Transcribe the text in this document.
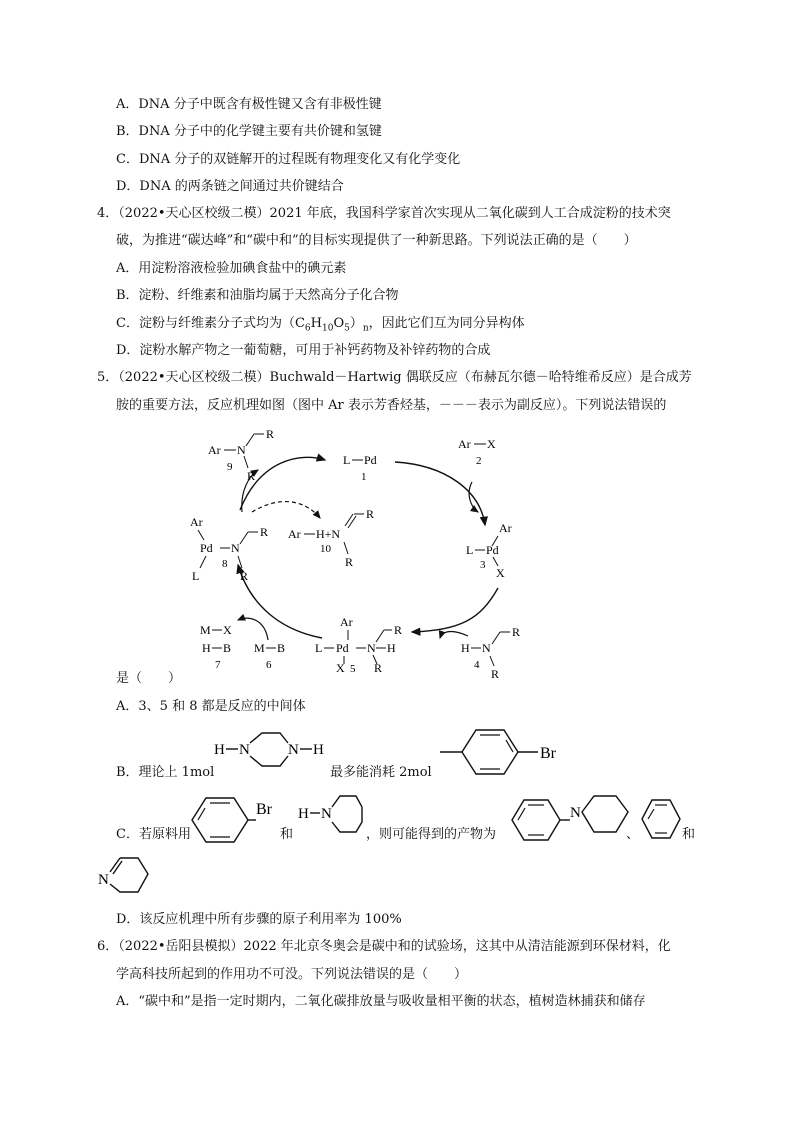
A．DNA 分子中既含有极性键又含有非极性键
B．DNA 分子中的化学键主要有共价键和氢键
C．DNA 分子的双链解开的过程既有物理变化又有化学变化
D．DNA 的两条链之间通过共价键结合
4．（2022•天心区校级二模）2021 年底，我国科学家首次实现从二氧化碳到人工合成淀粉的技术突
破，为推进“碳达峰”和“碳中和”的目标实现提供了一种新思路。下列说法正确的是（　　）
A．用淀粉溶液检验加碘食盐中的碘元素
B．淀粉、纤维素和油脂均属于天然高分子化合物
C．淀粉与纤维素分子式均为$(C_6H_{10}O_5)_n$，因此它们互为同分异构体
D．淀粉水解产物之一葡萄糖，可用于补钙药物及补锌药物的合成
5．（2022•天心区校级二模）Buchwald－Hartwig 偶联反应（布赫瓦尔德－哈特维希反应）是合成芳
胺的重要方法，反应机理如图（图中 Ar 表示芳香烃基，－－－表示为副反应）。下列说法错误的
Ar N
R
9
R
L Pd
1
Ar X
2
Ar
L Pd
3
X
Ar
Pd N
R
8
R
L
Ar H+N
R
10
R
M X
H B
7
M B
6
Ar
L Pd N H
R
R
X 5
H N
R
4
R
是（　　）
A．3、5 和 8 都是反应的中间体
B．理论上 1mol
H N	N H
最多能消耗 2mol
Br
C．若原料用
Br
和
H N
，则可能得到的产物为
N
、	和
N
D．该反应机理中所有步骤的原子利用率为 100%
6．（2022•岳阳县模拟）2022 年北京冬奥会是碳中和的试验场，这其中从清洁能源到环保材料，化
学高科技所起到的作用功不可没。下列说法错误的是（　　）
A．“碳中和”是指一定时期内，二氧化碳排放量与吸收量相平衡的状态，植树造林捕获和储存
